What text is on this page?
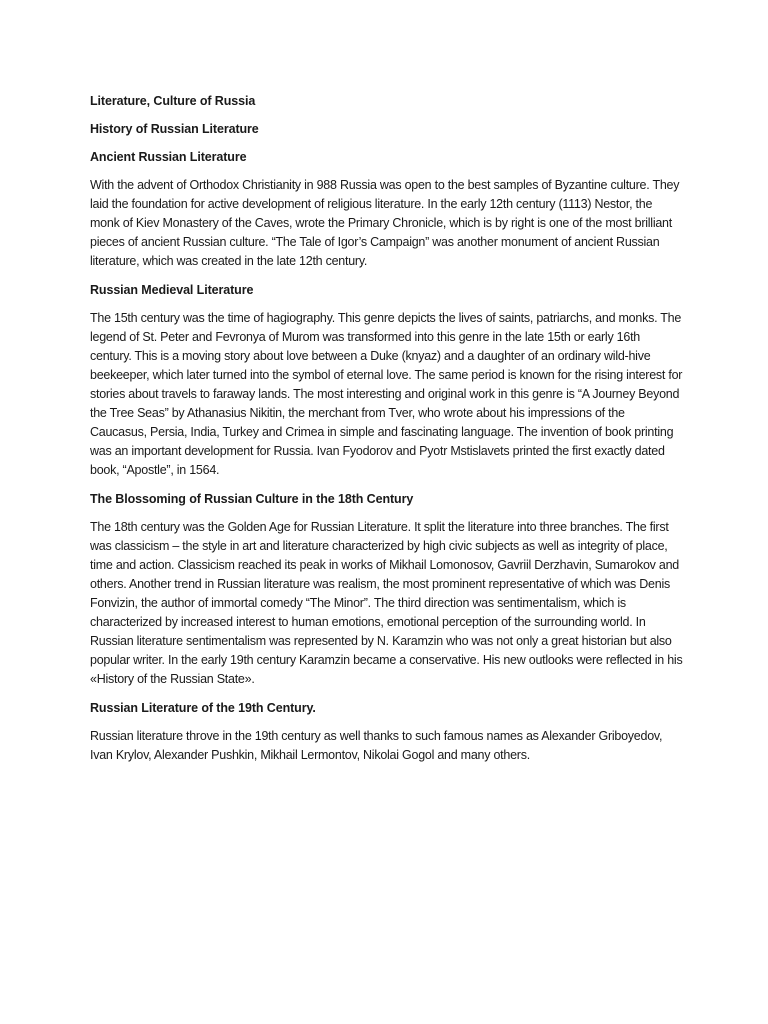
Literature, Culture of Russia
History of Russian Literature
Ancient Russian Literature
With the advent of Orthodox Christianity in 988 Russia was open to the best samples of Byzantine culture. They laid the foundation for active development of religious literature. In the early 12th century (1113) Nestor, the monk of Kiev Monastery of the Caves, wrote the Primary Chronicle, which is by right is one of the most brilliant pieces of ancient Russian culture. “The Tale of Igor’s Campaign” was another monument of ancient Russian literature, which was created in the late 12th century.
Russian Medieval Literature
The 15th century was the time of hagiography. This genre depicts the lives of saints, patriarchs, and monks. The legend of St. Peter and Fevronya of Murom was transformed into this genre in the late 15th or early 16th century. This is a moving story about love between a Duke (knyaz) and a daughter of an ordinary wild-hive beekeeper, which later turned into the symbol of eternal love. The same period is known for the rising interest for stories about travels to faraway lands. The most interesting and original work in this genre is “A Journey Beyond the Tree Seas” by Athanasius Nikitin, the merchant from Tver, who wrote about his impressions of the Caucasus, Persia, India, Turkey and Crimea in simple and fascinating language. The invention of book printing was an important development for Russia. Ivan Fyodorov and Pyotr Mstislavets printed the first exactly dated book, “Apostle”, in 1564.
The Blossoming of Russian Culture in the 18th Century
The 18th century was the Golden Age for Russian Literature. It split the literature into three branches. The first was classicism – the style in art and literature characterized by high civic subjects as well as integrity of place, time and action. Classicism reached its peak in works of Mikhail Lomonosov, Gavriil Derzhavin, Sumarokov and others. Another trend in Russian literature was realism, the most prominent representative of which was Denis Fonvizin, the author of immortal comedy “The Minor”. The third direction was sentimentalism, which is characterized by increased interest to human emotions, emotional perception of the surrounding world. In Russian literature sentimentalism was represented by N. Karamzin who was not only a great historian but also popular writer. In the early 19th century Karamzin became a conservative. His new outlooks were reflected in his «History of the Russian State».
Russian Literature of the 19th Century.
Russian literature throve in the 19th century as well thanks to such famous names as Alexander Griboyedov, Ivan Krylov, Alexander Pushkin, Mikhail Lermontov, Nikolai Gogol and many others.
